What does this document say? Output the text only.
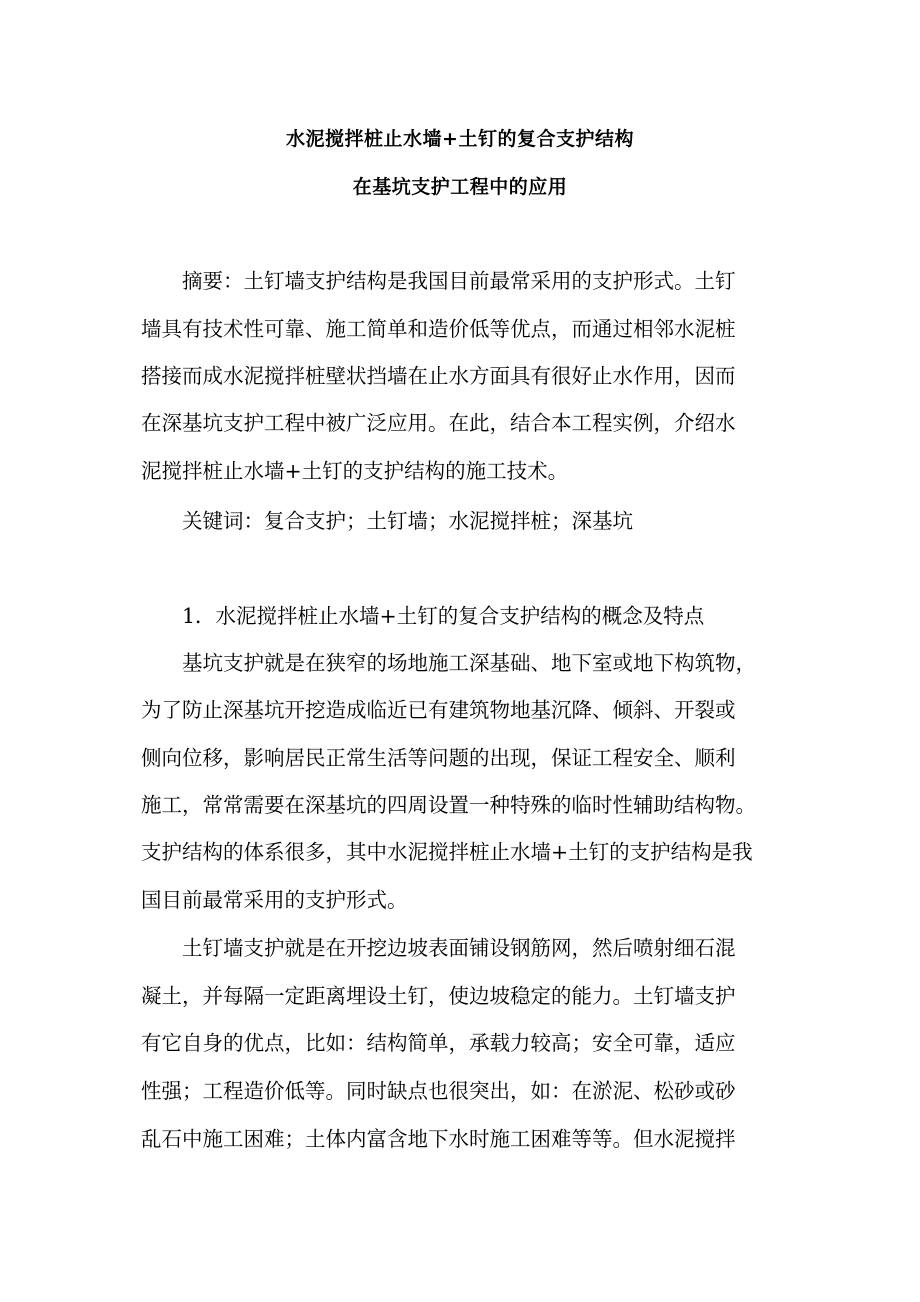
水泥搅拌桩止水墙+土钉的复合支护结构
在基坑支护工程中的应用
摘要：土钉墙支护结构是我国目前最常采用的支护形式。土钉
墙具有技术性可靠、施工简单和造价低等优点，而通过相邻水泥桩
搭接而成水泥搅拌桩壁状挡墙在止水方面具有很好止水作用，因而
在深基坑支护工程中被广泛应用。在此，结合本工程实例，介绍水
泥搅拌桩止水墙+土钉的支护结构的施工技术。
关键词：复合支护；土钉墙；水泥搅拌桩；深基坑
1．水泥搅拌桩止水墙+土钉的复合支护结构的概念及特点
基坑支护就是在狭窄的场地施工深基础、地下室或地下构筑物，
为了防止深基坑开挖造成临近已有建筑物地基沉降、倾斜、开裂或
侧向位移，影响居民正常生活等问题的出现，保证工程安全、顺利
施工，常常需要在深基坑的四周设置一种特殊的临时性辅助结构物。
支护结构的体系很多，其中水泥搅拌桩止水墙+土钉的支护结构是我
国目前最常采用的支护形式。
土钉墙支护就是在开挖边坡表面铺设钢筋网，然后喷射细石混
凝土，并每隔一定距离埋设土钉，使边坡稳定的能力。土钉墙支护
有它自身的优点，比如：结构简单，承载力较高；安全可靠，适应
性强；工程造价低等。同时缺点也很突出，如：在淤泥、松砂或砂
乱石中施工困难；土体内富含地下水时施工困难等等。但水泥搅拌
